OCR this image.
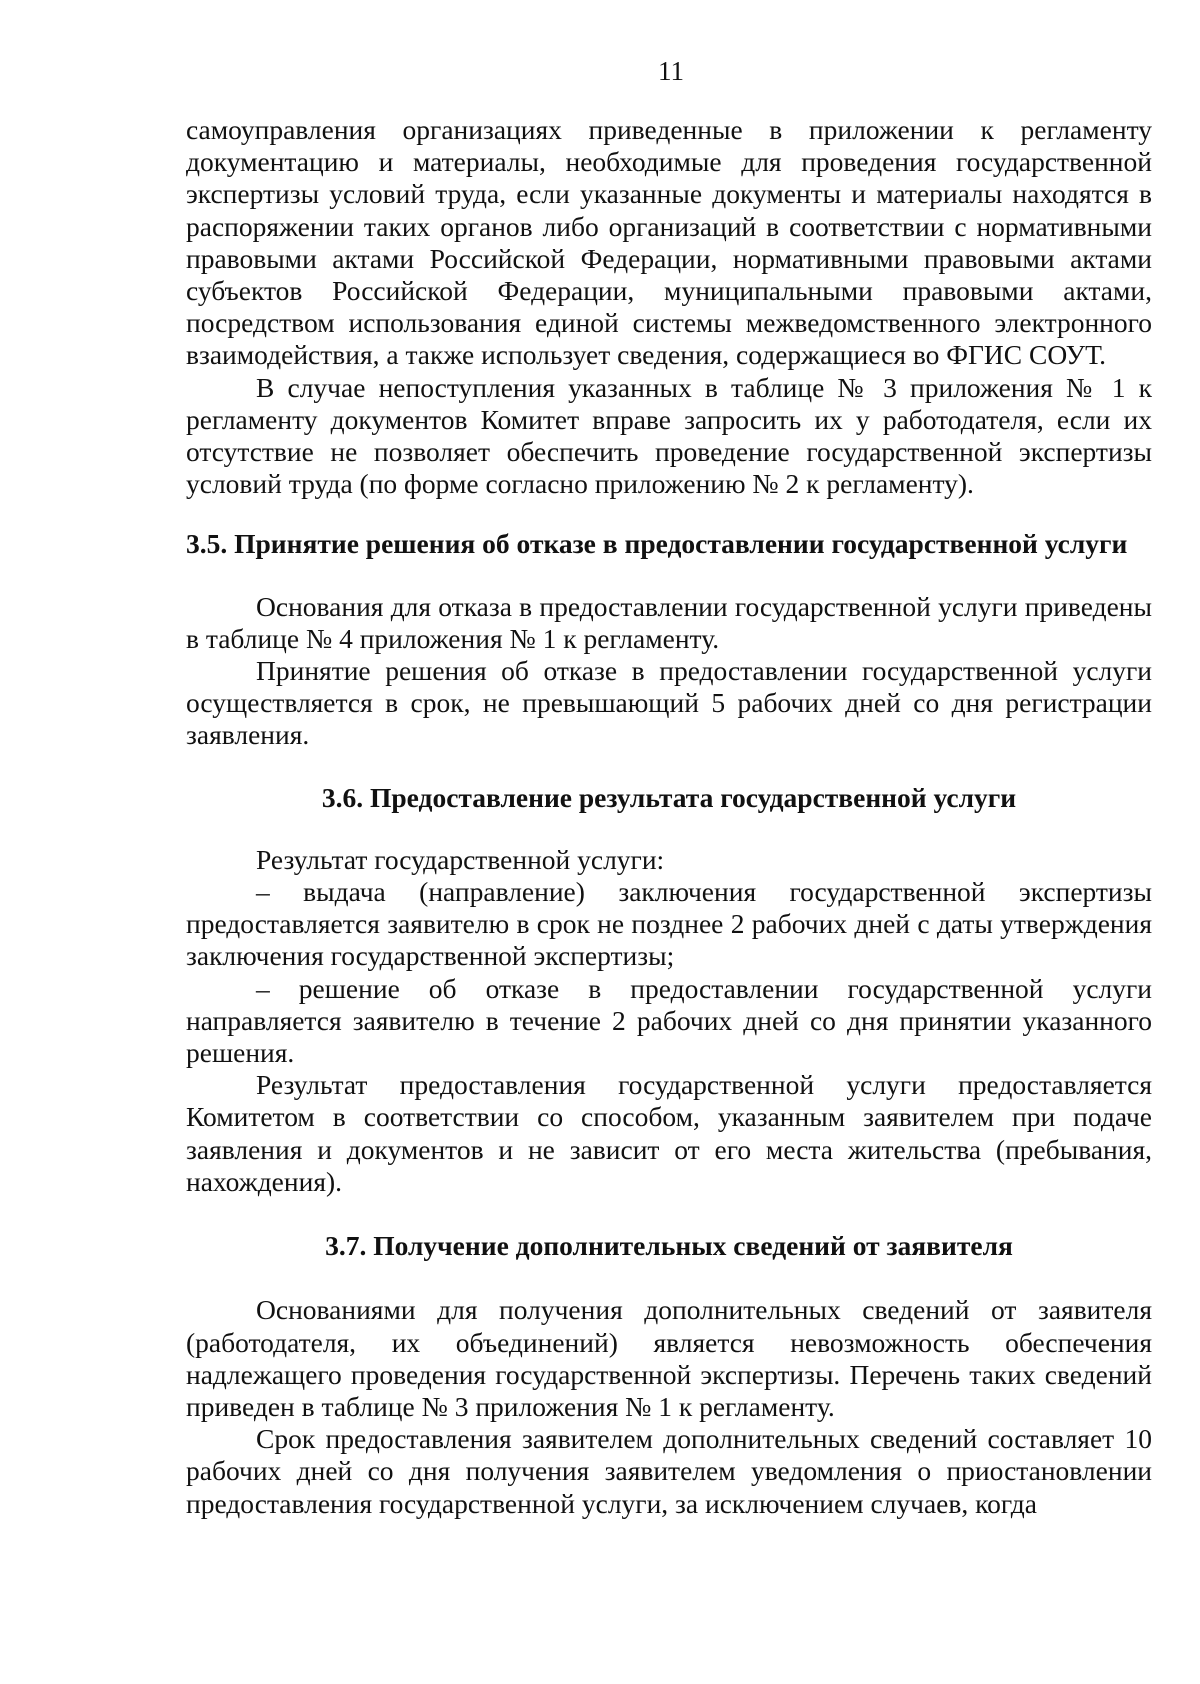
11

самоуправления организациях приведенные в приложении к регламенту документацию и материалы, необходимые для проведения государственной экспертизы условий труда, если указанные документы и материалы находятся в распоряжении таких органов либо организаций в соответствии с нормативными правовыми актами Российской Федерации, нормативными правовыми актами субъектов Российской Федерации, муниципальными правовыми актами, посредством использования единой системы межведомственного электронного взаимодействия, а также использует сведения, содержащиеся во ФГИС СОУТ.

В случае непоступления указанных в таблице № 3 приложения № 1 к регламенту документов Комитет вправе запросить их у работодателя, если их отсутствие не позволяет обеспечить проведение государственной экспертизы условий труда (по форме согласно приложению № 2 к регламенту).

3.5. Принятие решения об отказе в предоставлении государственной услуги

Основания для отказа в предоставлении государственной услуги приведены в таблице № 4 приложения № 1 к регламенту.

Принятие решения об отказе в предоставлении государственной услуги осуществляется в срок, не превышающий 5 рабочих дней со дня регистрации заявления.

3.6. Предоставление результата государственной услуги

Результат государственной услуги:

– выдача (направление) заключения государственной экспертизы предоставляется заявителю в срок не позднее 2 рабочих дней с даты утверждения заключения государственной экспертизы;

– решение об отказе в предоставлении государственной услуги направляется заявителю в течение 2 рабочих дней со дня принятии указанного решения.

Результат предоставления государственной услуги предоставляется Комитетом в соответствии со способом, указанным заявителем при подаче заявления и документов и не зависит от его места жительства (пребывания, нахождения).

3.7. Получение дополнительных сведений от заявителя

Основаниями для получения дополнительных сведений от заявителя (работодателя, их объединений) является невозможность обеспечения надлежащего проведения государственной экспертизы. Перечень таких сведений приведен в таблице № 3 приложения № 1 к регламенту.

Срок предоставления заявителем дополнительных сведений составляет 10 рабочих дней со дня получения заявителем уведомления о приостановлении предоставления государственной услуги, за исключением случаев, когда
